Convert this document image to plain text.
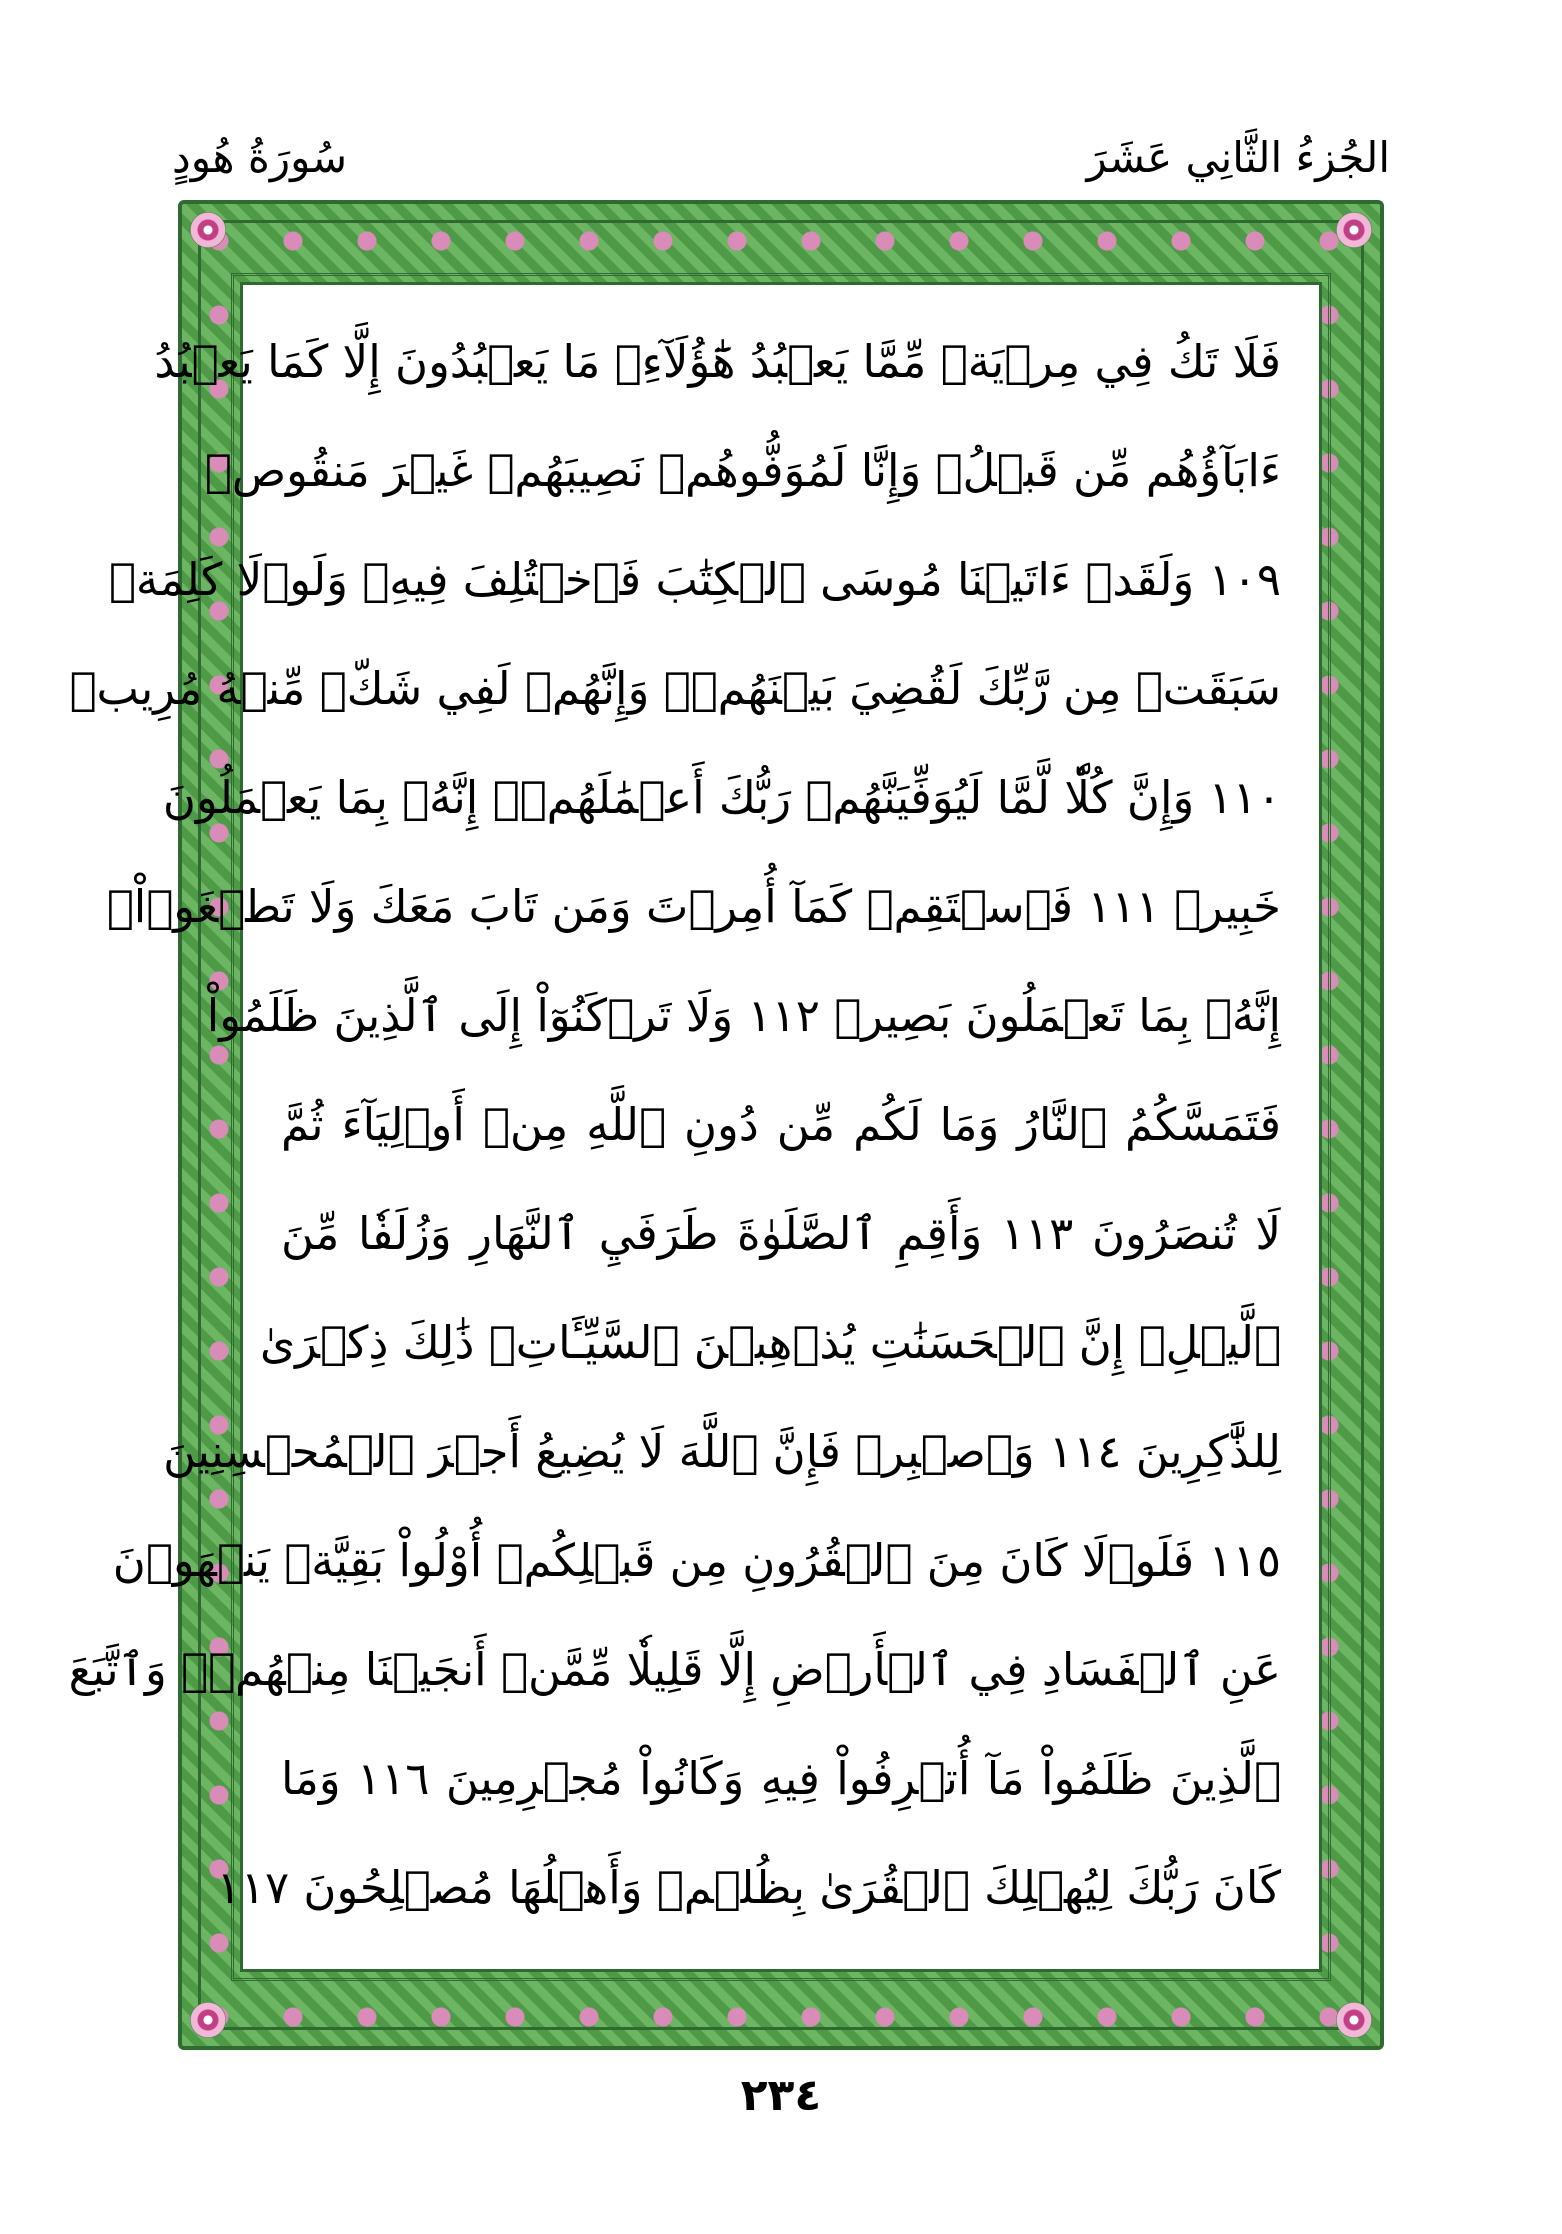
الجُزءُ الثَّانِي عَشَرَ
سُورَةُ هُودٍ
فَلَا تَكُ فِي مِرۡيَةٖ مِّمَّا يَعۡبُدُ هَٰٓؤُلَآءِۚ مَا يَعۡبُدُونَ إِلَّا كَمَا يَعۡبُدُ
ءَابَآؤُهُم مِّن قَبۡلُۚ وَإِنَّا لَمُوَفُّوهُمۡ نَصِيبَهُمۡ غَيۡرَ مَنقُوصٖ
١٠٩ وَلَقَدۡ ءَاتَيۡنَا مُوسَى ٱلۡكِتَٰبَ فَٱخۡتُلِفَ فِيهِۚ وَلَوۡلَا كَلِمَةٞ
سَبَقَتۡ مِن رَّبِّكَ لَقُضِيَ بَيۡنَهُمۡۚ وَإِنَّهُمۡ لَفِي شَكّٖ مِّنۡهُ مُرِيبٖ
١١٠ وَإِنَّ كُلّٗا لَّمَّا لَيُوَفِّيَنَّهُمۡ رَبُّكَ أَعۡمَٰلَهُمۡۚ إِنَّهُۥ بِمَا يَعۡمَلُونَ
خَبِيرٞ ١١١ فَٱسۡتَقِمۡ كَمَآ أُمِرۡتَ وَمَن تَابَ مَعَكَ وَلَا تَطۡغَوۡاْۚ
إِنَّهُۥ بِمَا تَعۡمَلُونَ بَصِيرٞ ١١٢ وَلَا تَرۡكَنُوٓاْ إِلَى ٱلَّذِينَ ظَلَمُواْ
فَتَمَسَّكُمُ ٱلنَّارُ وَمَا لَكُم مِّن دُونِ ٱللَّهِ مِنۡ أَوۡلِيَآءَ ثُمَّ
لَا تُنصَرُونَ ١١٣ وَأَقِمِ ٱلصَّلَوٰةَ طَرَفَيِ ٱلنَّهَارِ وَزُلَفٗا مِّنَ
ٱلَّيۡلِۚ إِنَّ ٱلۡحَسَنَٰتِ يُذۡهِبۡنَ ٱلسَّيِّـَٔاتِۚ ذَٰلِكَ ذِكۡرَىٰ
لِلذَّٰكِرِينَ ١١٤ وَٱصۡبِرۡ فَإِنَّ ٱللَّهَ لَا يُضِيعُ أَجۡرَ ٱلۡمُحۡسِنِينَ
١١٥ فَلَوۡلَا كَانَ مِنَ ٱلۡقُرُونِ مِن قَبۡلِكُمۡ أُوْلُواْ بَقِيَّةٖ يَنۡهَوۡنَ
عَنِ ٱلۡفَسَادِ فِي ٱلۡأَرۡضِ إِلَّا قَلِيلٗا مِّمَّنۡ أَنجَيۡنَا مِنۡهُمۡۗ وَٱتَّبَعَ
ٱلَّذِينَ ظَلَمُواْ مَآ أُتۡرِفُواْ فِيهِ وَكَانُواْ مُجۡرِمِينَ ١١٦ وَمَا
كَانَ رَبُّكَ لِيُهۡلِكَ ٱلۡقُرَىٰ بِظُلۡمٖ وَأَهۡلُهَا مُصۡلِحُونَ ١١٧
٢٣٤
